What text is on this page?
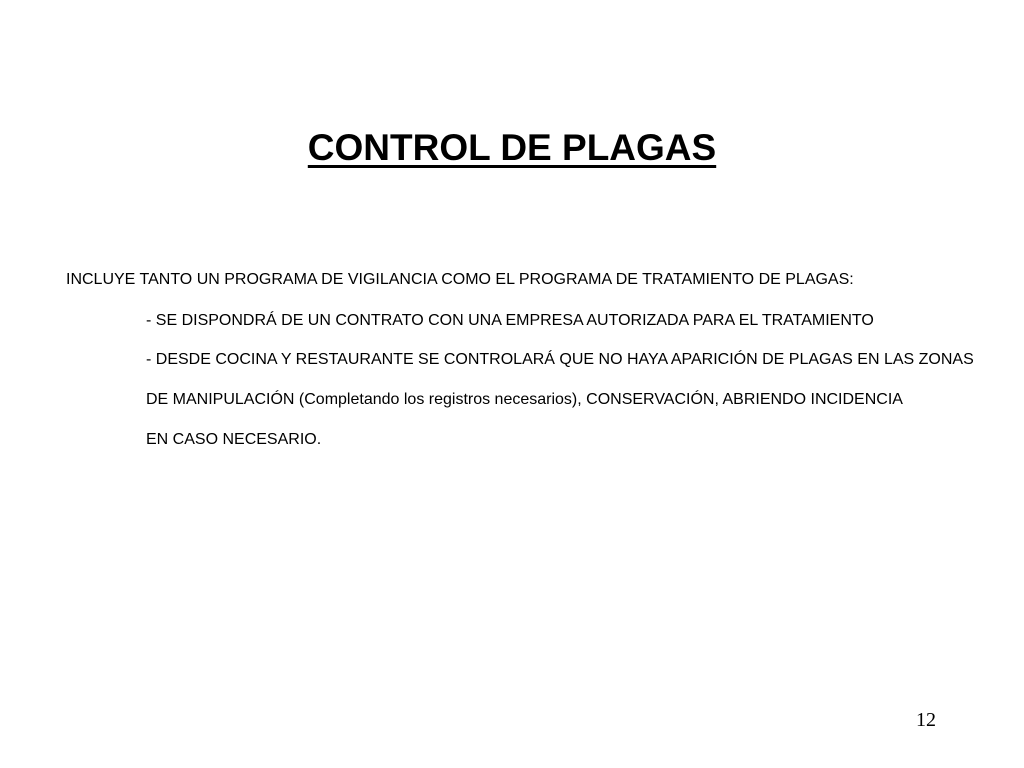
CONTROL DE PLAGAS

INCLUYE TANTO UN PROGRAMA DE VIGILANCIA COMO EL PROGRAMA DE TRATAMIENTO DE PLAGAS:

- SE DISPONDRÁ DE UN CONTRATO CON UNA EMPRESA AUTORIZADA PARA EL TRATAMIENTO

- DESDE COCINA Y RESTAURANTE SE CONTROLARÁ QUE NO HAYA APARICIÓN DE PLAGAS EN LAS ZONAS

DE MANIPULACIÓN (Completando los registros necesarios), CONSERVACIÓN, ABRIENDO INCIDENCIA

EN CASO NECESARIO.

12
